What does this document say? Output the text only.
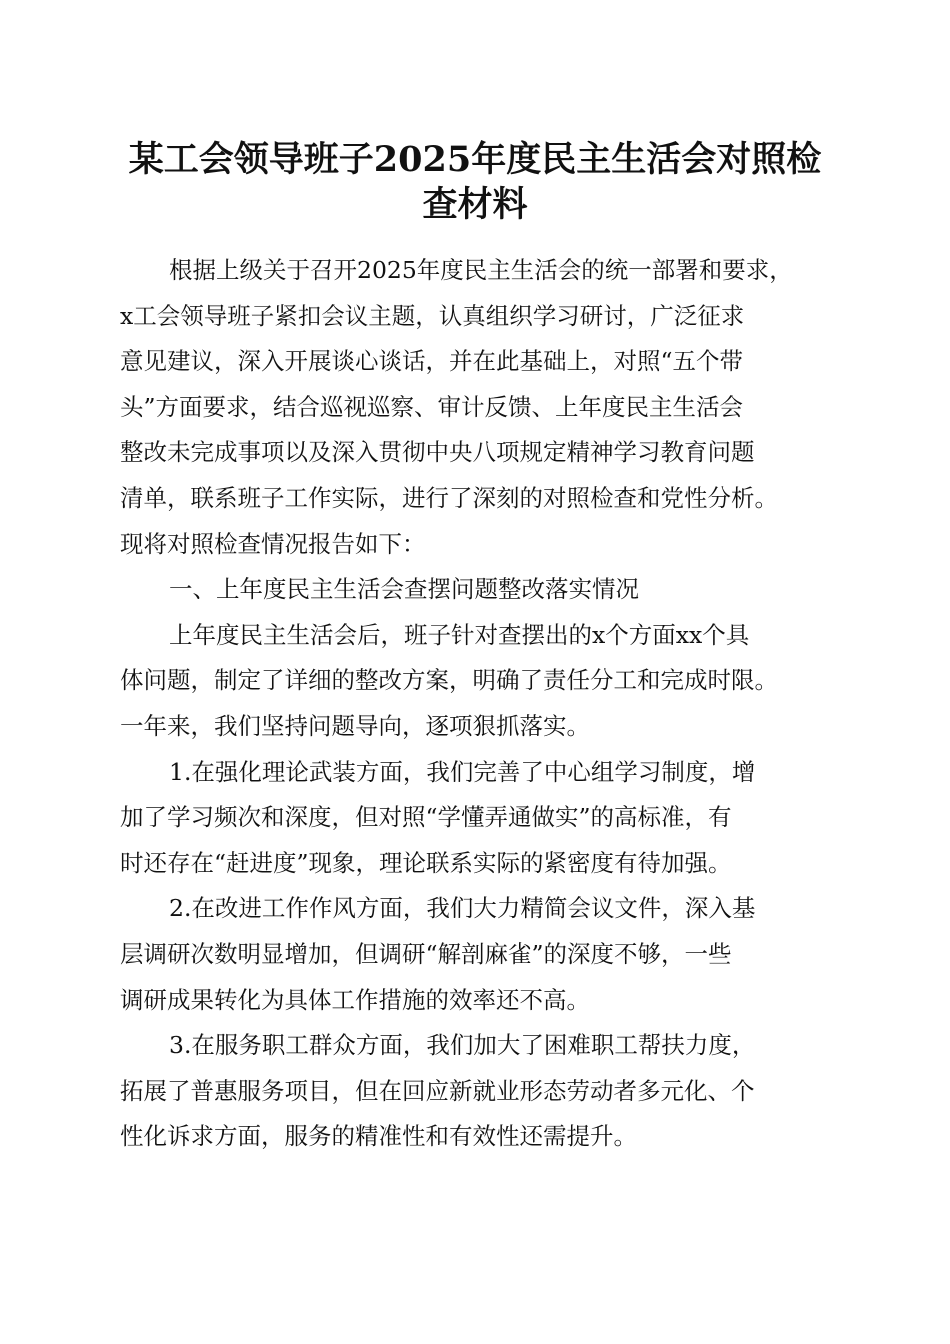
某工会领导班子2025年度民主生活会对照检
查材料
根据上级关于召开2025年度民主生活会的统一部署和要求，
x工会领导班子紧扣会议主题，认真组织学习研讨，广泛征求
意见建议，深入开展谈心谈话，并在此基础上，对照“五个带
头”方面要求，结合巡视巡察、审计反馈、上年度民主生活会
整改未完成事项以及深入贯彻中央八项规定精神学习教育问题
清单，联系班子工作实际，进行了深刻的对照检查和党性分析。
现将对照检查情况报告如下：
一、上年度民主生活会查摆问题整改落实情况
上年度民主生活会后，班子针对查摆出的x个方面xx个具
体问题，制定了详细的整改方案，明确了责任分工和完成时限。
一年来，我们坚持问题导向，逐项狠抓落实。
1.在强化理论武装方面，我们完善了中心组学习制度，增
加了学习频次和深度，但对照“学懂弄通做实”的高标准，有
时还存在“赶进度”现象，理论联系实际的紧密度有待加强。
2.在改进工作作风方面，我们大力精简会议文件，深入基
层调研次数明显增加，但调研“解剖麻雀”的深度不够，一些
调研成果转化为具体工作措施的效率还不高。
3.在服务职工群众方面，我们加大了困难职工帮扶力度，
拓展了普惠服务项目，但在回应新就业形态劳动者多元化、个
性化诉求方面，服务的精准性和有效性还需提升。
